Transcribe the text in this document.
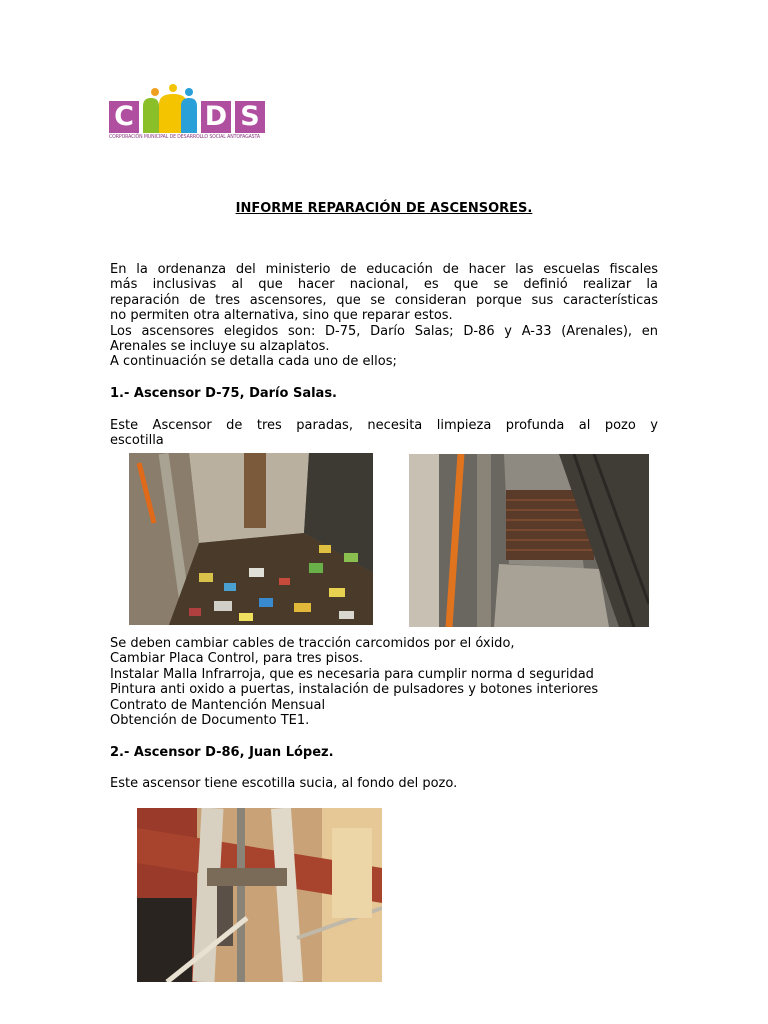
C	D S
CORPORACIÓN MUNICIPAL DE DESARROLLO SOCIAL ANTOFAGASTA
INFORME REPARACIÓN DE ASCENSORES.
En la ordenanza del ministerio de educación de hacer las escuelas fiscales
más inclusivas al que hacer nacional, es que se definió realizar la
reparación de tres ascensores, que se consideran porque sus características
no permiten otra alternativa, sino que reparar estos.
Los ascensores elegidos son: D-75, Darío Salas; D-86 y A-33 (Arenales), en
Arenales se incluye su alzaplatos.
A continuación se detalla cada uno de ellos;
1.- Ascensor D-75, Darío Salas.
Este Ascensor de tres paradas, necesita limpieza profunda al pozo y
escotilla
Se deben cambiar cables de tracción carcomidos por el óxido,
Cambiar Placa Control, para tres pisos.
Instalar Malla Infrarroja, que es necesaria para cumplir norma d seguridad
Pintura anti oxido a puertas, instalación de pulsadores y botones interiores
Contrato de Mantención Mensual
Obtención de Documento TE1.
2.- Ascensor D-86, Juan López.
Este ascensor tiene escotilla sucia, al fondo del pozo.
